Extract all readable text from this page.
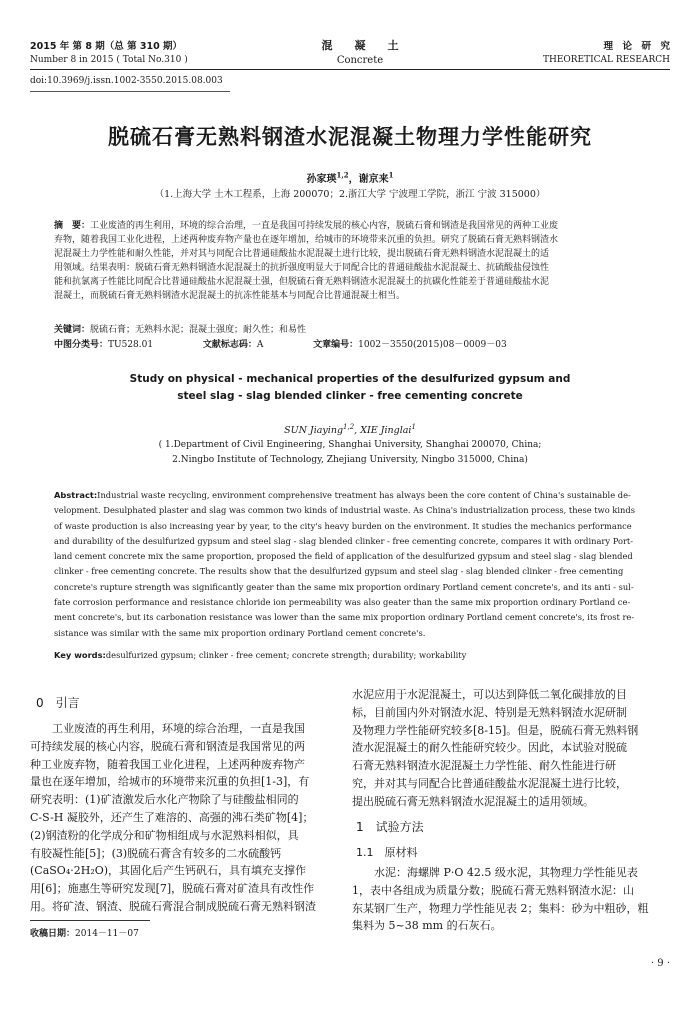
2015 年 第 8 期（总 第 310 期）
Number 8 in 2015 ( Total No.310 )
混　　凝　　土
Concrete
理　论　研　究
THEORETICAL RESEARCH
doi:10.3969/j.issn.1002-3550.2015.08.003
脱硫石膏无熟料钢渣水泥混凝土物理力学性能研究
孙家瑛$^{1,2}$，谢京来$^1$
（1.上海大学 土木工程系，上海 200070；2.浙江大学 宁波理工学院，浙江 宁波 315000）
摘　要：工业废渣的再生利用，环境的综合治理，一直是我国可持续发展的核心内容，脱硫石膏和钢渣是我国常见的两种工业废
弃物，随着我国工业化进程，上述两种废弃物产量也在逐年增加，给城市的环境带来沉重的负担。研究了脱硫石膏无熟料钢渣水
泥混凝土力学性能和耐久性能，并对其与同配合比普通硅酸盐水泥混凝土进行比较，提出脱硫石膏无熟料钢渣水泥混凝土的适
用领域。结果表明：脱硫石膏无熟料钢渣水泥混凝土的抗折强度明显大于同配合比的普通硅酸盐水泥混凝土、抗硫酸盐侵蚀性
能和抗氯离子性能比同配合比普通硅酸盐水泥混凝土强，但脱硫石膏无熟料钢渣水泥混凝土的抗碳化性能差于普通硅酸盐水泥
混凝土，而脱硫石膏无熟料钢渣水泥混凝土的抗冻性能基本与同配合比普通混凝土相当。
关键词：脱硫石膏；无熟料水泥；混凝土强度；耐久性；和易性
中图分类号：TU528.01	文献标志码：A	文章编号：1002－3550(2015)08－0009－03
Study on physical - mechanical properties of the desulfurized gypsum and
steel slag - slag blended clinker - free cementing concrete
SUN Jiaying$^{1,2}$, XIE Jinglai$^1$
( 1.Department of Civil Engineering, Shanghai University, Shanghai 200070, China;
2.Ningbo Institute of Technology, Zhejiang University, Ningbo 315000, China)
Abstract:Industrial waste recycling, environment comprehensive treatment has always been the core content of China's sustainable de-
velopment. Desulphated plaster and slag was common two kinds of industrial waste. As China's industrialization process, these two kinds
of waste production is also increasing year by year, to the city's heavy burden on the environment. It studies the mechanics performance
and durability of the desulfurized gypsum and steel slag - slag blended clinker - free cementing concrete, compares it with ordinary Port-
land cement concrete mix the same proportion, proposed the field of application of the desulfurized gypsum and steel slag - slag blended
clinker - free cementing concrete. The results show that the desulfurized gypsum and steel slag - slag blended clinker - free cementing
concrete's rupture strength was significantly geater than the same mix proportion ordinary Portland cement concrete's, and its anti - sul-
fate corrosion performance and resistance chloride ion permeability was also geater than the same mix proportion ordinary Portland ce-
ment concrete's, but its carbonation resistance was lower than the same mix proportion ordinary Portland cement concrete's, its frost re-
sistance was similar with the same mix proportion ordinary Portland cement concrete's.
Key words:desulfurized gypsum; clinker - free cement; concrete strength; durability; workability
0　引言
工业废渣的再生利用，环境的综合治理，一直是我国
可持续发展的核心内容，脱硫石膏和钢渣是我国常见的两
种工业废弃物，随着我国工业化进程，上述两种废弃物产
量也在逐年增加，给城市的环境带来沉重的负担[1-3]，有
研究表明：(1)矿渣激发后水化产物除了与硅酸盐相同的
C-S-H 凝胶外，还产生了难溶的、高强的沸石类矿物[4]；
(2)钢渣粉的化学成分和矿物相组成与水泥熟料相似，具
有胶凝性能[5]；(3)脱硫石膏含有较多的二水硫酸钙
(CaSO₄·2H₂O)，其固化后产生钙矾石，具有填充支撑作
用[6]；施惠生等研究发现[7]，脱硫石膏对矿渣具有改性作
用。将矿渣、钢渣、脱硫石膏混合制成脱硫石膏无熟料钢渣
收稿日期：2014－11－07
水泥应用于水泥混凝土，可以达到降低二氧化碳排放的目
标，目前国内外对钢渣水泥、特别是无熟料钢渣水泥研制
及物理力学性能研究较多[8-15]。但是，脱硫石膏无熟料钢
渣水泥混凝土的耐久性能研究较少。因此，本试验对脱硫
石膏无熟料钢渣水泥混凝土力学性能、耐久性能进行研
究，并对其与同配合比普通硅酸盐水泥混凝土进行比较，
提出脱硫石膏无熟料钢渣水泥混凝土的适用领域。
1　试验方法
1.1　原材料
水泥：海螺牌 P·O 42.5 级水泥，其物理力学性能见表
1，表中各组成为质量分数；脱硫石膏无熟料钢渣水泥：山
东某钢厂生产，物理力学性能见表 2；集料：砂为中粗砂，粗
集料为 5~38 mm 的石灰石。
· 9 ·
